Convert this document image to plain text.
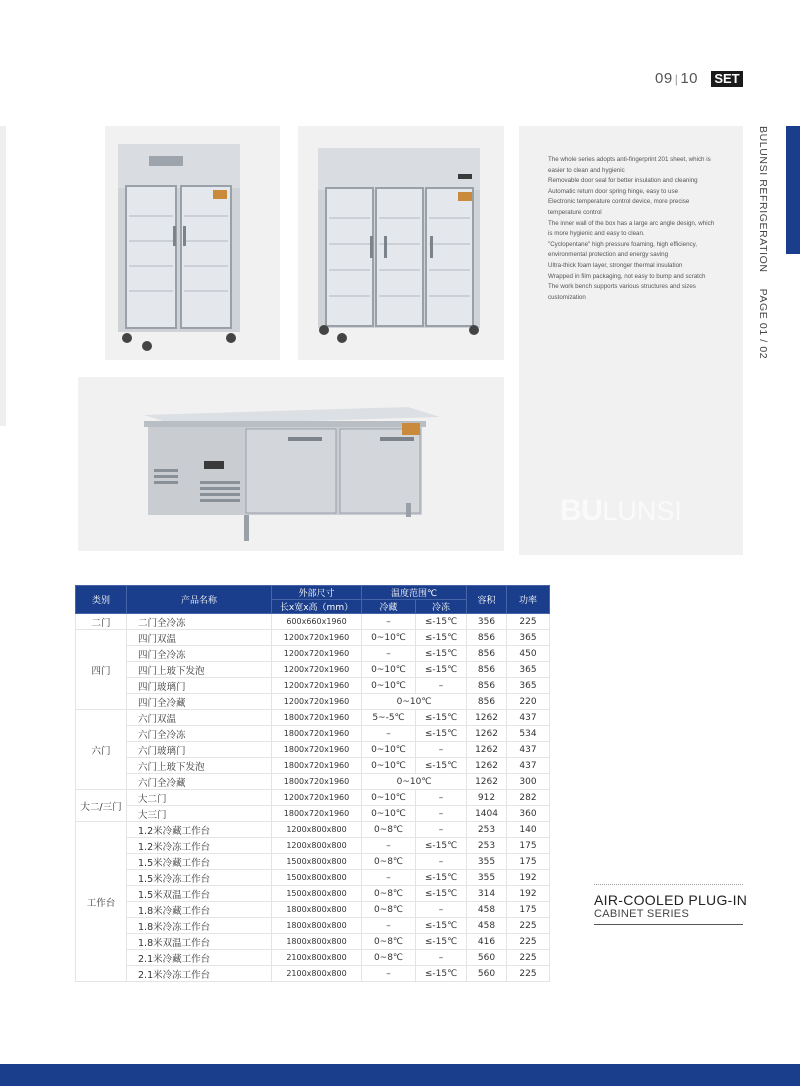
09 | 10 SET
BULUNSI REFRIGERATIONPAGE 01 / 02
The whole series adopts anti-fingerprint 201 sheet, which is
easier to clean and hygienic
Removable door seal for better insulation and cleaning
Automatic return door spring hinge, easy to use
Electronic temperature control device, more precise
temperature control
The inner wall of the box has a large arc angle design, which
is more hygienic and easy to clean.
"Cyclopentane" high pressure foaming, high efficiency,
environmental protection and energy saving
Ultra-thick foam layer, stronger thermal insulation
Wrapped in film packaging, not easy to bump and scratch
The work bench supports various structures and sizes
customization
BULUNSI
类别	产品名称	外部尺寸	温度范围℃		容积	功率
		长x宽x高（mm）	冷藏	冷冻		
二门	二门全冷冻	600x660x1960	–	≤-15℃	356	225
四门	四门双温	1200x720x1960	0~10℃	≤-15℃	856	365
	四门全冷冻	1200x720x1960	–	≤-15℃	856	450
	四门上玻下发泡	1200x720x1960	0~10℃	≤-15℃	856	365
	四门玻璃门	1200x720x1960	0~10℃	–	856	365
	四门全冷藏	1200x720x1960	0~10℃		856	220
六门	六门双温	1800x720x1960	5~-5℃	≤-15℃	1262	437
	六门全冷冻	1800x720x1960	–	≤-15℃	1262	534
	六门玻璃门	1800x720x1960	0~10℃	–	1262	437
	六门上玻下发泡	1800x720x1960	0~10℃	≤-15℃	1262	437
	六门全冷藏	1800x720x1960	0~10℃		1262	300
大二/三门	大二门	1200x720x1960	0~10℃	–	912	282
	大三门	1800x720x1960	0~10℃	–	1404	360
工作台	1.2米冷藏工作台	1200x800x800	0~8℃	–	253	140
	1.2米冷冻工作台	1200x800x800	–	≤-15℃	253	175
	1.5米冷藏工作台	1500x800x800	0~8℃	–	355	175
	1.5米冷冻工作台	1500x800x800	–	≤-15℃	355	192
	1.5米双温工作台	1500x800x800	0~8℃	≤-15℃	314	192
	1.8米冷藏工作台	1800x800x800	0~8℃	–	458	175
	1.8米冷冻工作台	1800x800x800	–	≤-15℃	458	225
	1.8米双温工作台	1800x800x800	0~8℃	≤-15℃	416	225
	2.1米冷藏工作台	2100x800x800	0~8℃	–	560	225
	2.1米冷冻工作台	2100x800x800	–	≤-15℃	560	225
AIR-COOLED PLUG-IN
CABINET SERIES
